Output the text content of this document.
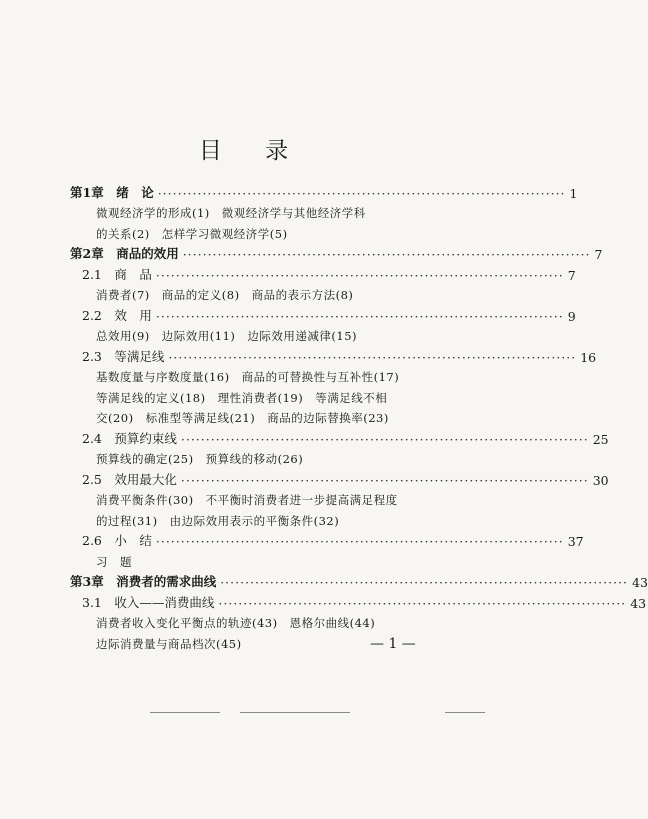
目 录
第1章　绪　论 ·················································································· 1
微观经济学的形成(1)　微观经济学与其他经济学科
的关系(2)　怎样学习微观经济学(5)
第2章　商品的效用 ·················································································· 7
2.1　商　品 ·················································································· 7
消费者(7)　商品的定义(8)　商品的表示方法(8)
2.2　效　用 ·················································································· 9
总效用(9)　边际效用(11)　边际效用递减律(15)
2.3　等满足线 ·················································································· 16
基数度量与序数度量(16)　商品的可替换性与互补性(17)
等满足线的定义(18)　理性消费者(19)　等满足线不相
交(20)　标准型等满足线(21)　商品的边际替换率(23)
2.4　预算约束线 ·················································································· 25
预算线的确定(25)　预算线的移动(26)
2.5　效用最大化 ·················································································· 30
消费平衡条件(30)　不平衡时消费者进一步提高满足程度
的过程(31)　由边际效用表示的平衡条件(32)
2.6　小　结 ·················································································· 37
习　题
第3章　消费者的需求曲线 ·················································································· 43
3.1　收入——消费曲线 ·················································································· 43
消费者收入变化平衡点的轨迹(43)　恩格尔曲线(44)
边际消费量与商品档次(45)	— 1 —
